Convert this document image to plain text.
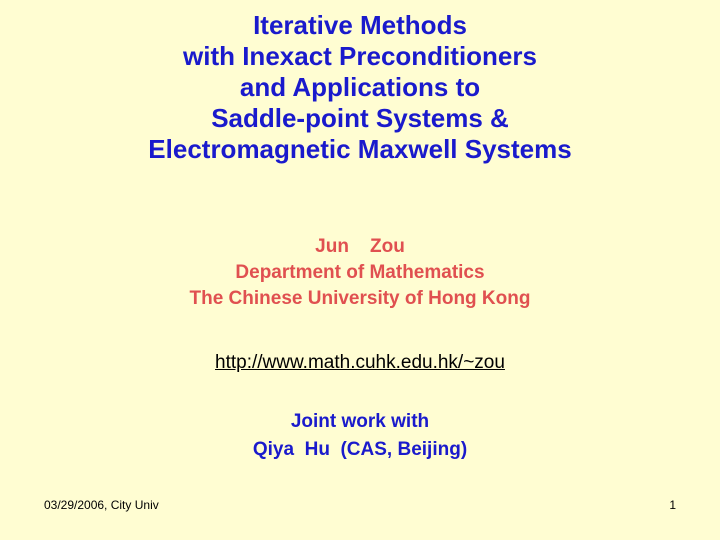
Iterative Methods
with Inexact Preconditioners
and Applications to
Saddle-point Systems &
Electromagnetic Maxwell Systems
Jun    Zou
Department of Mathematics
The Chinese University of Hong Kong
http://www.math.cuhk.edu.hk/~zou
Joint work with
Qiya  Hu  (CAS, Beijing)
03/29/2006, City Univ	1
